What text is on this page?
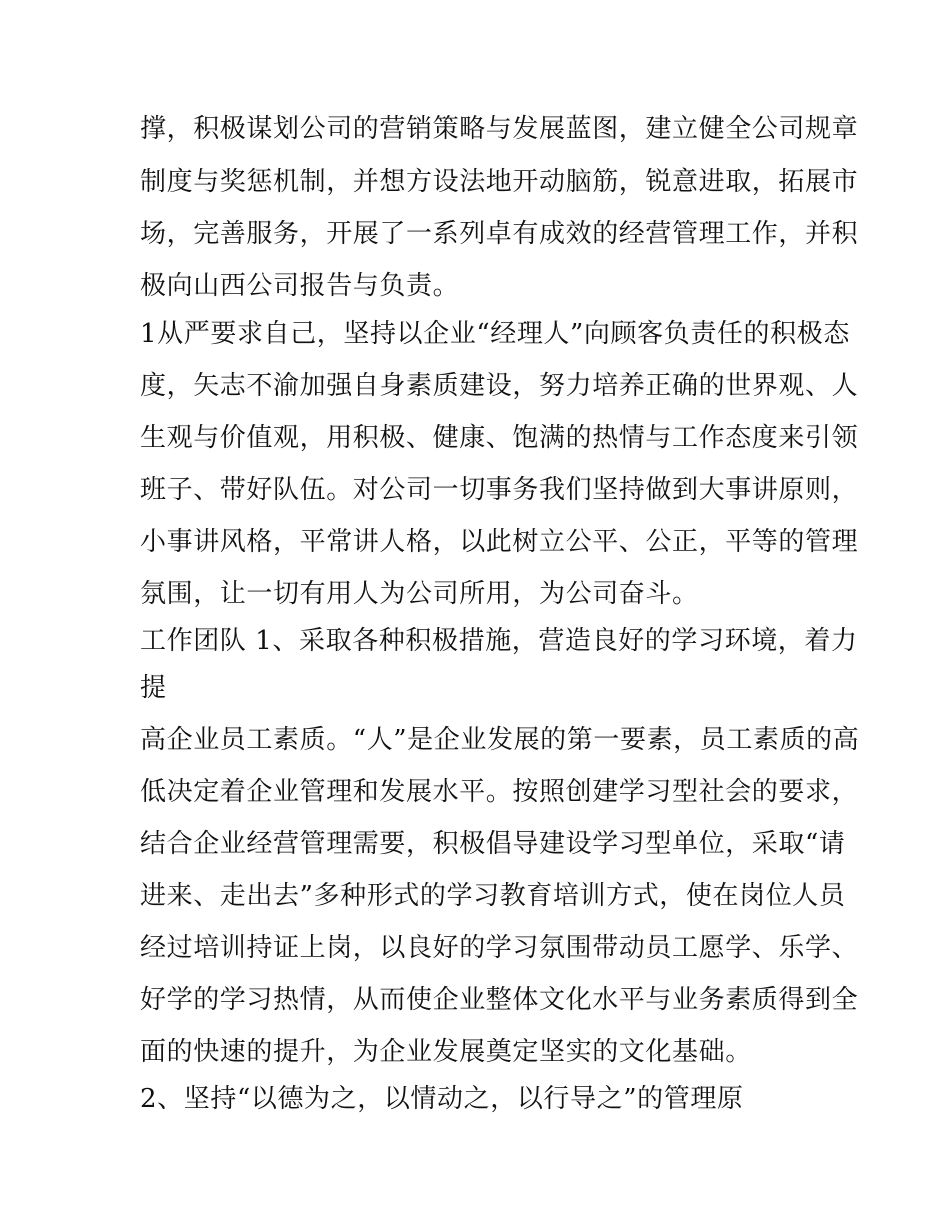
撑，积极谋划公司的营销策略与发展蓝图，建立健全公司规章
制度与奖惩机制，并想方设法地开动脑筋，锐意进取，拓展市
场，完善服务，开展了一系列卓有成效的经营管理工作，并积
极向山西公司报告与负责。
1从严要求自己，坚持以企业“经理人”向顾客负责任的积极态
度，矢志不渝加强自身素质建设，努力培养正确的世界观、人
生观与价值观，用积极、健康、饱满的热情与工作态度来引领
班子、带好队伍。对公司一切事务我们坚持做到大事讲原则，
小事讲风格，平常讲人格，以此树立公平、公正，平等的管理
氛围，让一切有用人为公司所用，为公司奋斗。
工作团队 1、采取各种积极措施，营造良好的学习环境，着力
提
高企业员工素质。“人”是企业发展的第一要素，员工素质的高
低决定着企业管理和发展水平。按照创建学习型社会的要求，
结合企业经营管理需要，积极倡导建设学习型单位，采取“请
进来、走出去”多种形式的学习教育培训方式，使在岗位人员
经过培训持证上岗，以良好的学习氛围带动员工愿学、乐学、
好学的学习热情，从而使企业整体文化水平与业务素质得到全
面的快速的提升，为企业发展奠定坚实的文化基础。
2、坚持“以德为之，以情动之，以行导之”的管理原
